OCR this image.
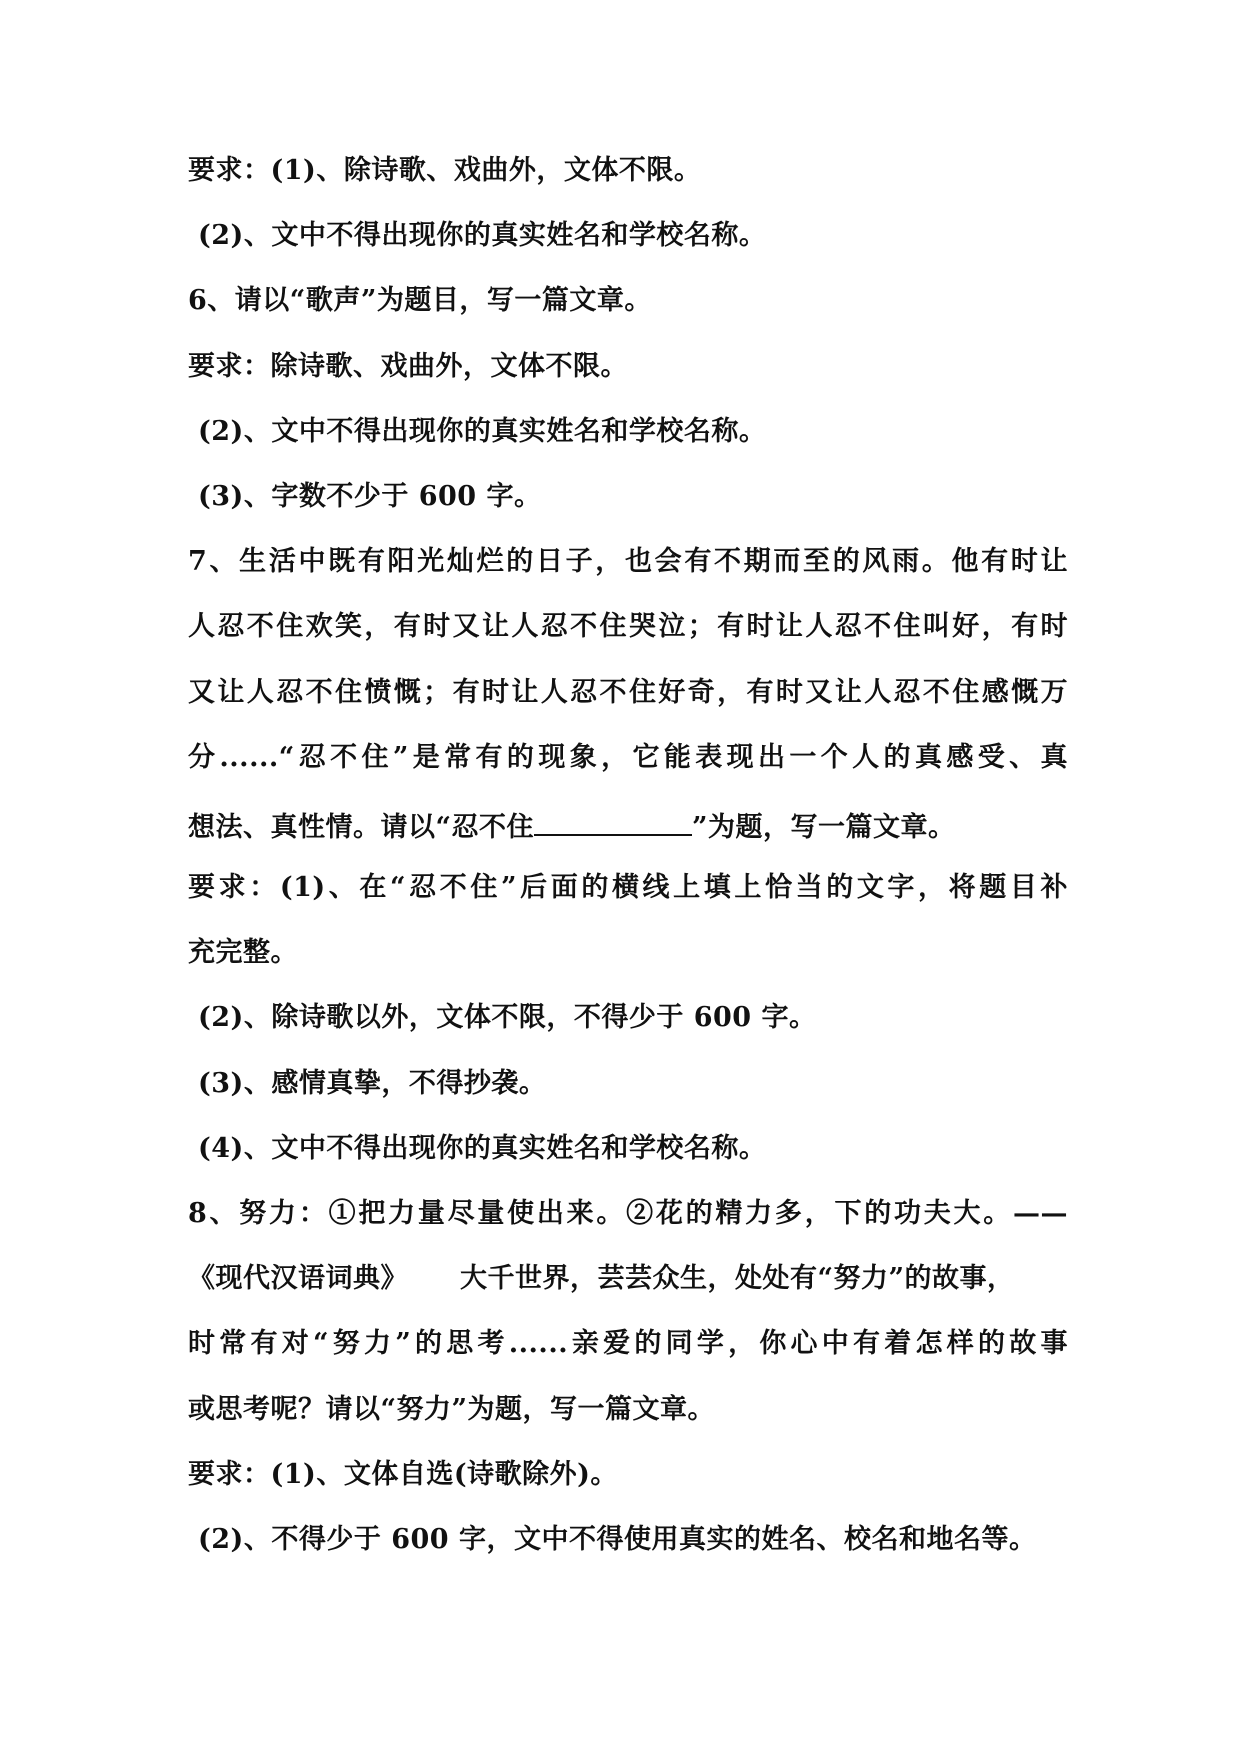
要求：(1)、除诗歌、戏曲外，文体不限。
(2)、文中不得出现你的真实姓名和学校名称。
6、请以“歌声”为题目，写一篇文章。
要求：除诗歌、戏曲外，文体不限。
(2)、文中不得出现你的真实姓名和学校名称。
(3)、字数不少于 600 字。
7、生活中既有阳光灿烂的日子，也会有不期而至的风雨。他有时让
人忍不住欢笑，有时又让人忍不住哭泣；有时让人忍不住叫好，有时
又让人忍不住愤慨；有时让人忍不住好奇，有时又让人忍不住感慨万
分......“忍不住”是常有的现象，它能表现出一个人的真感受、真
想法、真性情。请以“忍不住	”为题，写一篇文章。
要求：(1)、在“忍不住”后面的横线上填上恰当的文字，将题目补
充完整。
(2)、除诗歌以外，文体不限，不得少于 600 字。
(3)、感情真挚，不得抄袭。
(4)、文中不得出现你的真实姓名和学校名称。
8、努力：①把力量尽量使出来。②花的精力多，下的功夫大。——
《现代汉语词典》 大千世界，芸芸众生，处处有“努力”的故事，
时常有对“努力”的思考......亲爱的同学，你心中有着怎样的故事
或思考呢？请以“努力”为题，写一篇文章。
要求：(1)、文体自选(诗歌除外)。
(2)、不得少于 600 字，文中不得使用真实的姓名、校名和地名等。
